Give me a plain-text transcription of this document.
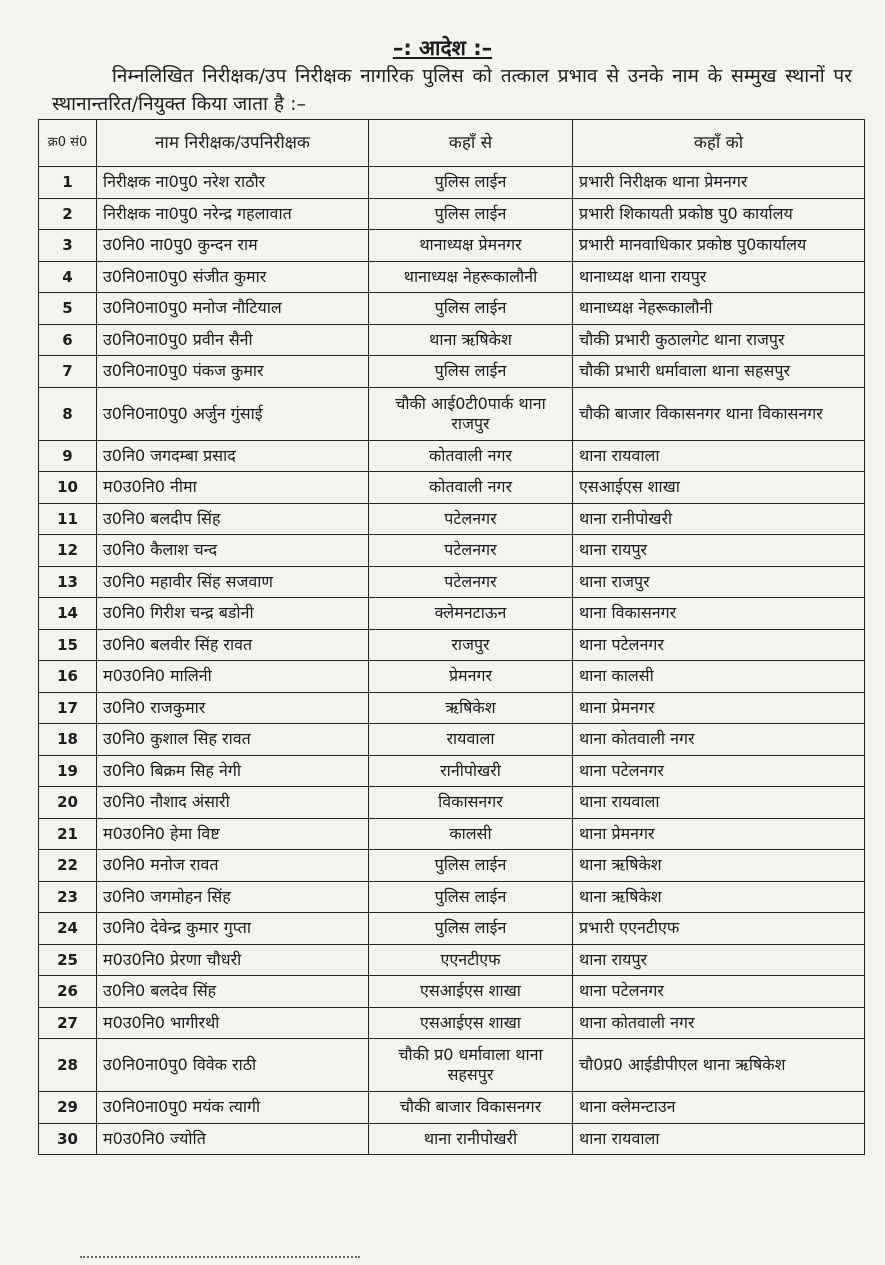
–: आदेश :–
निम्नलिखित निरीक्षक/उप निरीक्षक नागरिक पुलिस को तत्काल प्रभाव से उनके नाम के सम्मुख स्थानों पर स्थानान्तरित/नियुक्त किया जाता है :–
क्र0 सं0	नाम निरीक्षक/उपनिरीक्षक	कहाँ से	कहाँ को
1	निरीक्षक ना0पु0 नरेश राठौर	पुलिस लाईन	प्रभारी निरीक्षक थाना प्रेमनगर
2	निरीक्षक ना0पु0 नरेन्द्र गहलावात	पुलिस लाईन	प्रभारी शिकायती प्रकोष्ठ पु0 कार्यालय
3	उ0नि0 ना0पु0 कुन्दन राम	थानाध्यक्ष प्रेमनगर	प्रभारी मानवाधिकार प्रकोष्ठ पु0कार्यालय
4	उ0नि0ना0पु0 संजीत कुमार	थानाध्यक्ष नेहरूकालौनी	थानाध्यक्ष थाना रायपुर
5	उ0नि0ना0पु0 मनोज नौटियाल	पुलिस लाईन	थानाध्यक्ष नेहरूकालौनी
6	उ0नि0ना0पु0 प्रवीन सैनी	थाना ऋषिकेश	चौकी प्रभारी कुठालगेट थाना राजपुर
7	उ0नि0ना0पु0 पंकज कुमार	पुलिस लाईन	चौकी प्रभारी धर्मावाला थाना सहसपुर
8	उ0नि0ना0पु0 अर्जुन गुंसाई	चौकी आई0टी0पार्क थाना राजपुर	चौकी बाजार विकासनगर थाना विकासनगर
9	उ0नि0 जगदम्बा प्रसाद	कोतवाली नगर	थाना रायवाला
10	म0उ0नि0 नीमा	कोतवाली नगर	एसआईएस शाखा
11	उ0नि0 बलदीप सिंह	पटेलनगर	थाना रानीपोखरी
12	उ0नि0 कैलाश चन्द	पटेलनगर	थाना रायपुर
13	उ0नि0 महावीर सिंह सजवाण	पटेलनगर	थाना राजपुर
14	उ0नि0 गिरीश चन्द्र बडोनी	क्लेमनटाऊन	थाना विकासनगर
15	उ0नि0 बलवीर सिंह रावत	राजपुर	थाना पटेलनगर
16	म0उ0नि0 मालिनी	प्रेमनगर	थाना कालसी
17	उ0नि0 राजकुमार	ऋषिकेश	थाना प्रेमनगर
18	उ0नि0 कुशाल सिह रावत	रायवाला	थाना कोतवाली नगर
19	उ0नि0 बिक्रम सिह नेगी	रानीपोखरी	थाना पटेलनगर
20	उ0नि0 नौशाद अंसारी	विकासनगर	थाना रायवाला
21	म0उ0नि0 हेमा विष्ट	कालसी	थाना प्रेमनगर
22	उ0नि0 मनोज रावत	पुलिस लाईन	थाना ऋषिकेश
23	उ0नि0 जगमोहन सिंह	पुलिस लाईन	थाना ऋषिकेश
24	उ0नि0 देवेन्द्र कुमार गुप्ता	पुलिस लाईन	प्रभारी एएनटीएफ
25	म0उ0नि0 प्रेरणा चौधरी	एएनटीएफ	थाना रायपुर
26	उ0नि0 बलदेव सिंह	एसआईएस शाखा	थाना पटेलनगर
27	म0उ0नि0 भागीरथी	एसआईएस शाखा	थाना कोतवाली नगर
28	उ0नि0ना0पु0 विवेक राठी	चौकी प्र0 धर्मावाला थाना सहसपुर	चौ0प्र0 आईडीपीएल थाना ऋषिकेश
29	उ0नि0ना0पु0 मयंक त्यागी	चौकी बाजार विकासनगर	थाना क्लेमन्टाउन
30	म0उ0नि0 ज्योति	थाना रानीपोखरी	थाना रायवाला
